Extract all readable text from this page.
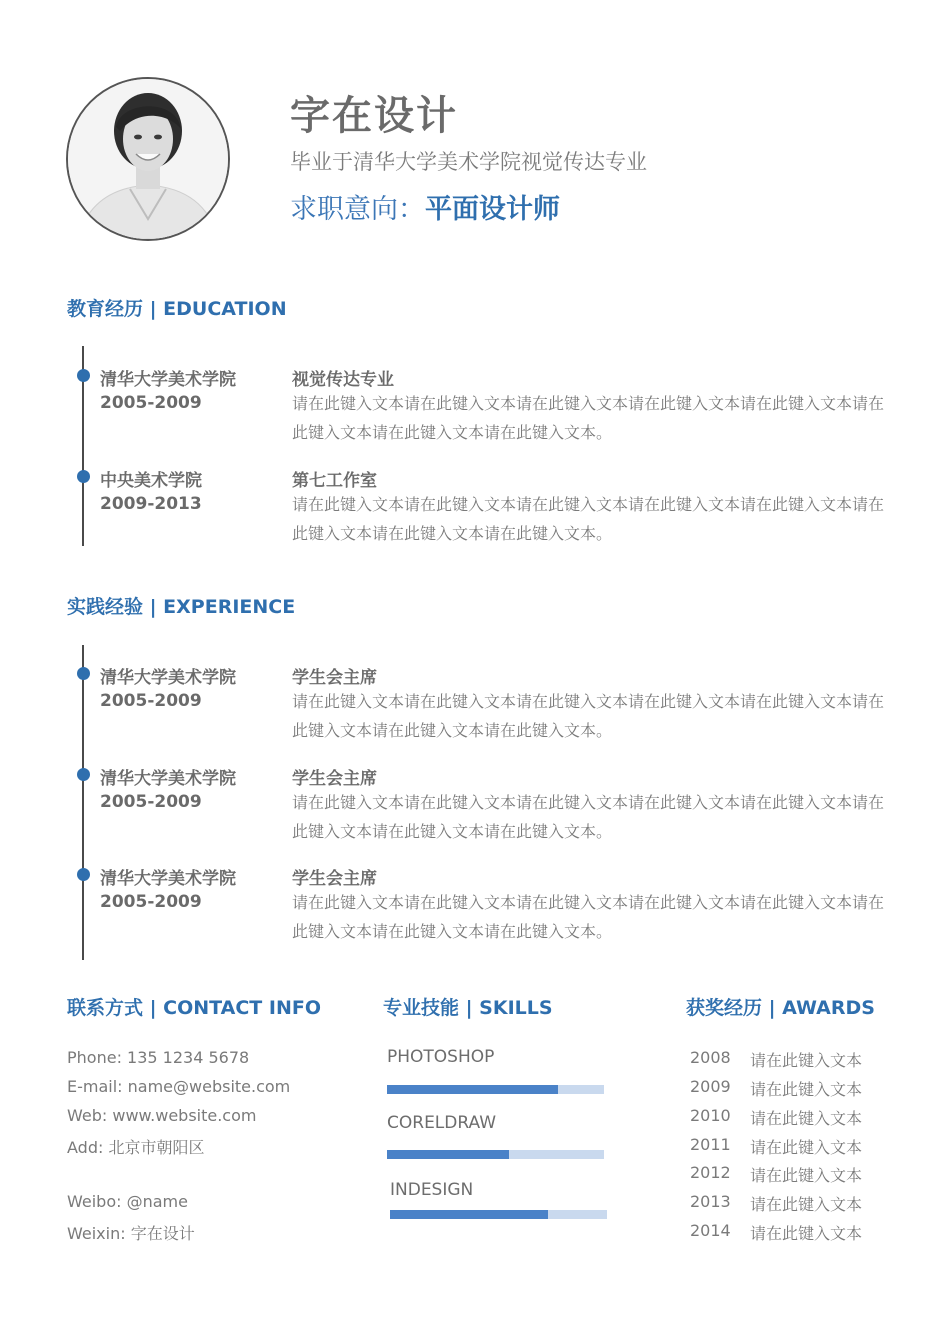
字在设计
毕业于清华大学美术学院视觉传达专业
求职意向：平面设计师
教育经历 | EDUCATION
清华大学美术学院
2005-2009
视觉传达专业
请在此键入文本请在此键入文本请在此键入文本请在此键入文本请在此键入文本请在此键入文本请在此键入文本请在此键入文本。
中央美术学院
2009-2013
第七工作室
请在此键入文本请在此键入文本请在此键入文本请在此键入文本请在此键入文本请在此键入文本请在此键入文本请在此键入文本。
实践经验 | EXPERIENCE
清华大学美术学院
2005-2009
学生会主席
请在此键入文本请在此键入文本请在此键入文本请在此键入文本请在此键入文本请在此键入文本请在此键入文本请在此键入文本。
清华大学美术学院
2005-2009
学生会主席
请在此键入文本请在此键入文本请在此键入文本请在此键入文本请在此键入文本请在此键入文本请在此键入文本请在此键入文本。
清华大学美术学院
2005-2009
学生会主席
请在此键入文本请在此键入文本请在此键入文本请在此键入文本请在此键入文本请在此键入文本请在此键入文本请在此键入文本。
联系方式 | CONTACT INFO
Phone: 135 1234 5678
E-mail: name@website.com
Web: www.website.com
Add: 北京市朝阳区
Weibo: @name
Weixin: 字在设计
专业技能 | SKILLS
PHOTOSHOP
CORELDRAW
INDESIGN
获奖经历 | AWARDS
2008 请在此键入文本
2009 请在此键入文本
2010 请在此键入文本
2011 请在此键入文本
2012 请在此键入文本
2013 请在此键入文本
2014 请在此键入文本
